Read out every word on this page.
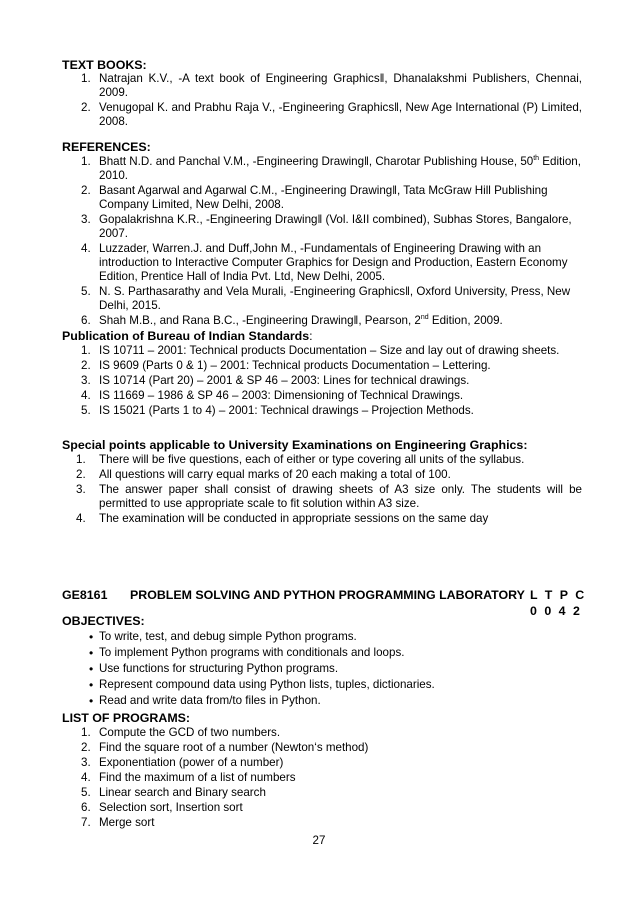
TEXT BOOKS:
1. Natrajan K.V., -A text book of Engineering Graphics‖, Dhanalakshmi Publishers, Chennai, 2009.
2. Venugopal K. and Prabhu Raja V., -Engineering Graphics‖, New Age International (P) Limited, 2008.
REFERENCES:
1. Bhatt N.D. and Panchal V.M., -Engineering Drawing‖, Charotar Publishing House, 50th Edition, 2010.
2. Basant Agarwal and Agarwal C.M., -Engineering Drawing‖, Tata McGraw Hill Publishing Company Limited, New Delhi, 2008.
3. Gopalakrishna K.R., -Engineering Drawing‖ (Vol. I&II combined), Subhas Stores, Bangalore, 2007.
4. Luzzader, Warren.J. and Duff,John M., -Fundamentals of Engineering Drawing with an introduction to Interactive Computer Graphics for Design and Production, Eastern Economy Edition, Prentice Hall of India Pvt. Ltd, New Delhi, 2005.
5. N. S. Parthasarathy and Vela Murali, -Engineering Graphics‖, Oxford University, Press, New Delhi, 2015.
6. Shah M.B., and Rana B.C., -Engineering Drawing‖, Pearson, 2nd Edition, 2009.
Publication of Bureau of Indian Standards:
1. IS 10711 – 2001: Technical products Documentation – Size and lay out of drawing sheets.
2. IS 9609 (Parts 0 & 1) – 2001: Technical products Documentation – Lettering.
3. IS 10714 (Part 20) – 2001 & SP 46 – 2003: Lines for technical drawings.
4. IS 11669 – 1986 & SP 46 – 2003: Dimensioning of Technical Drawings.
5. IS 15021 (Parts 1 to 4) – 2001: Technical drawings – Projection Methods.
Special points applicable to University Examinations on Engineering Graphics:
1. There will be five questions, each of either or type covering all units of the syllabus.
2. All questions will carry equal marks of 20 each making a total of 100.
3. The answer paper shall consist of drawing sheets of A3 size only. The students will be permitted to use appropriate scale to fit solution within A3 size.
4. The examination will be conducted in appropriate sessions on the same day
GE8161 PROBLEM SOLVING AND PYTHON PROGRAMMING LABORATORY L T P C
0 0 4 2
OBJECTIVES:
• To write, test, and debug simple Python programs.
• To implement Python programs with conditionals and loops.
• Use functions for structuring Python programs.
• Represent compound data using Python lists, tuples, dictionaries.
• Read and write data from/to files in Python.
LIST OF PROGRAMS:
1. Compute the GCD of two numbers.
2. Find the square root of a number (Newton‘s method)
3. Exponentiation (power of a number)
4. Find the maximum of a list of numbers
5. Linear search and Binary search
6. Selection sort, Insertion sort
7. Merge sort
27
